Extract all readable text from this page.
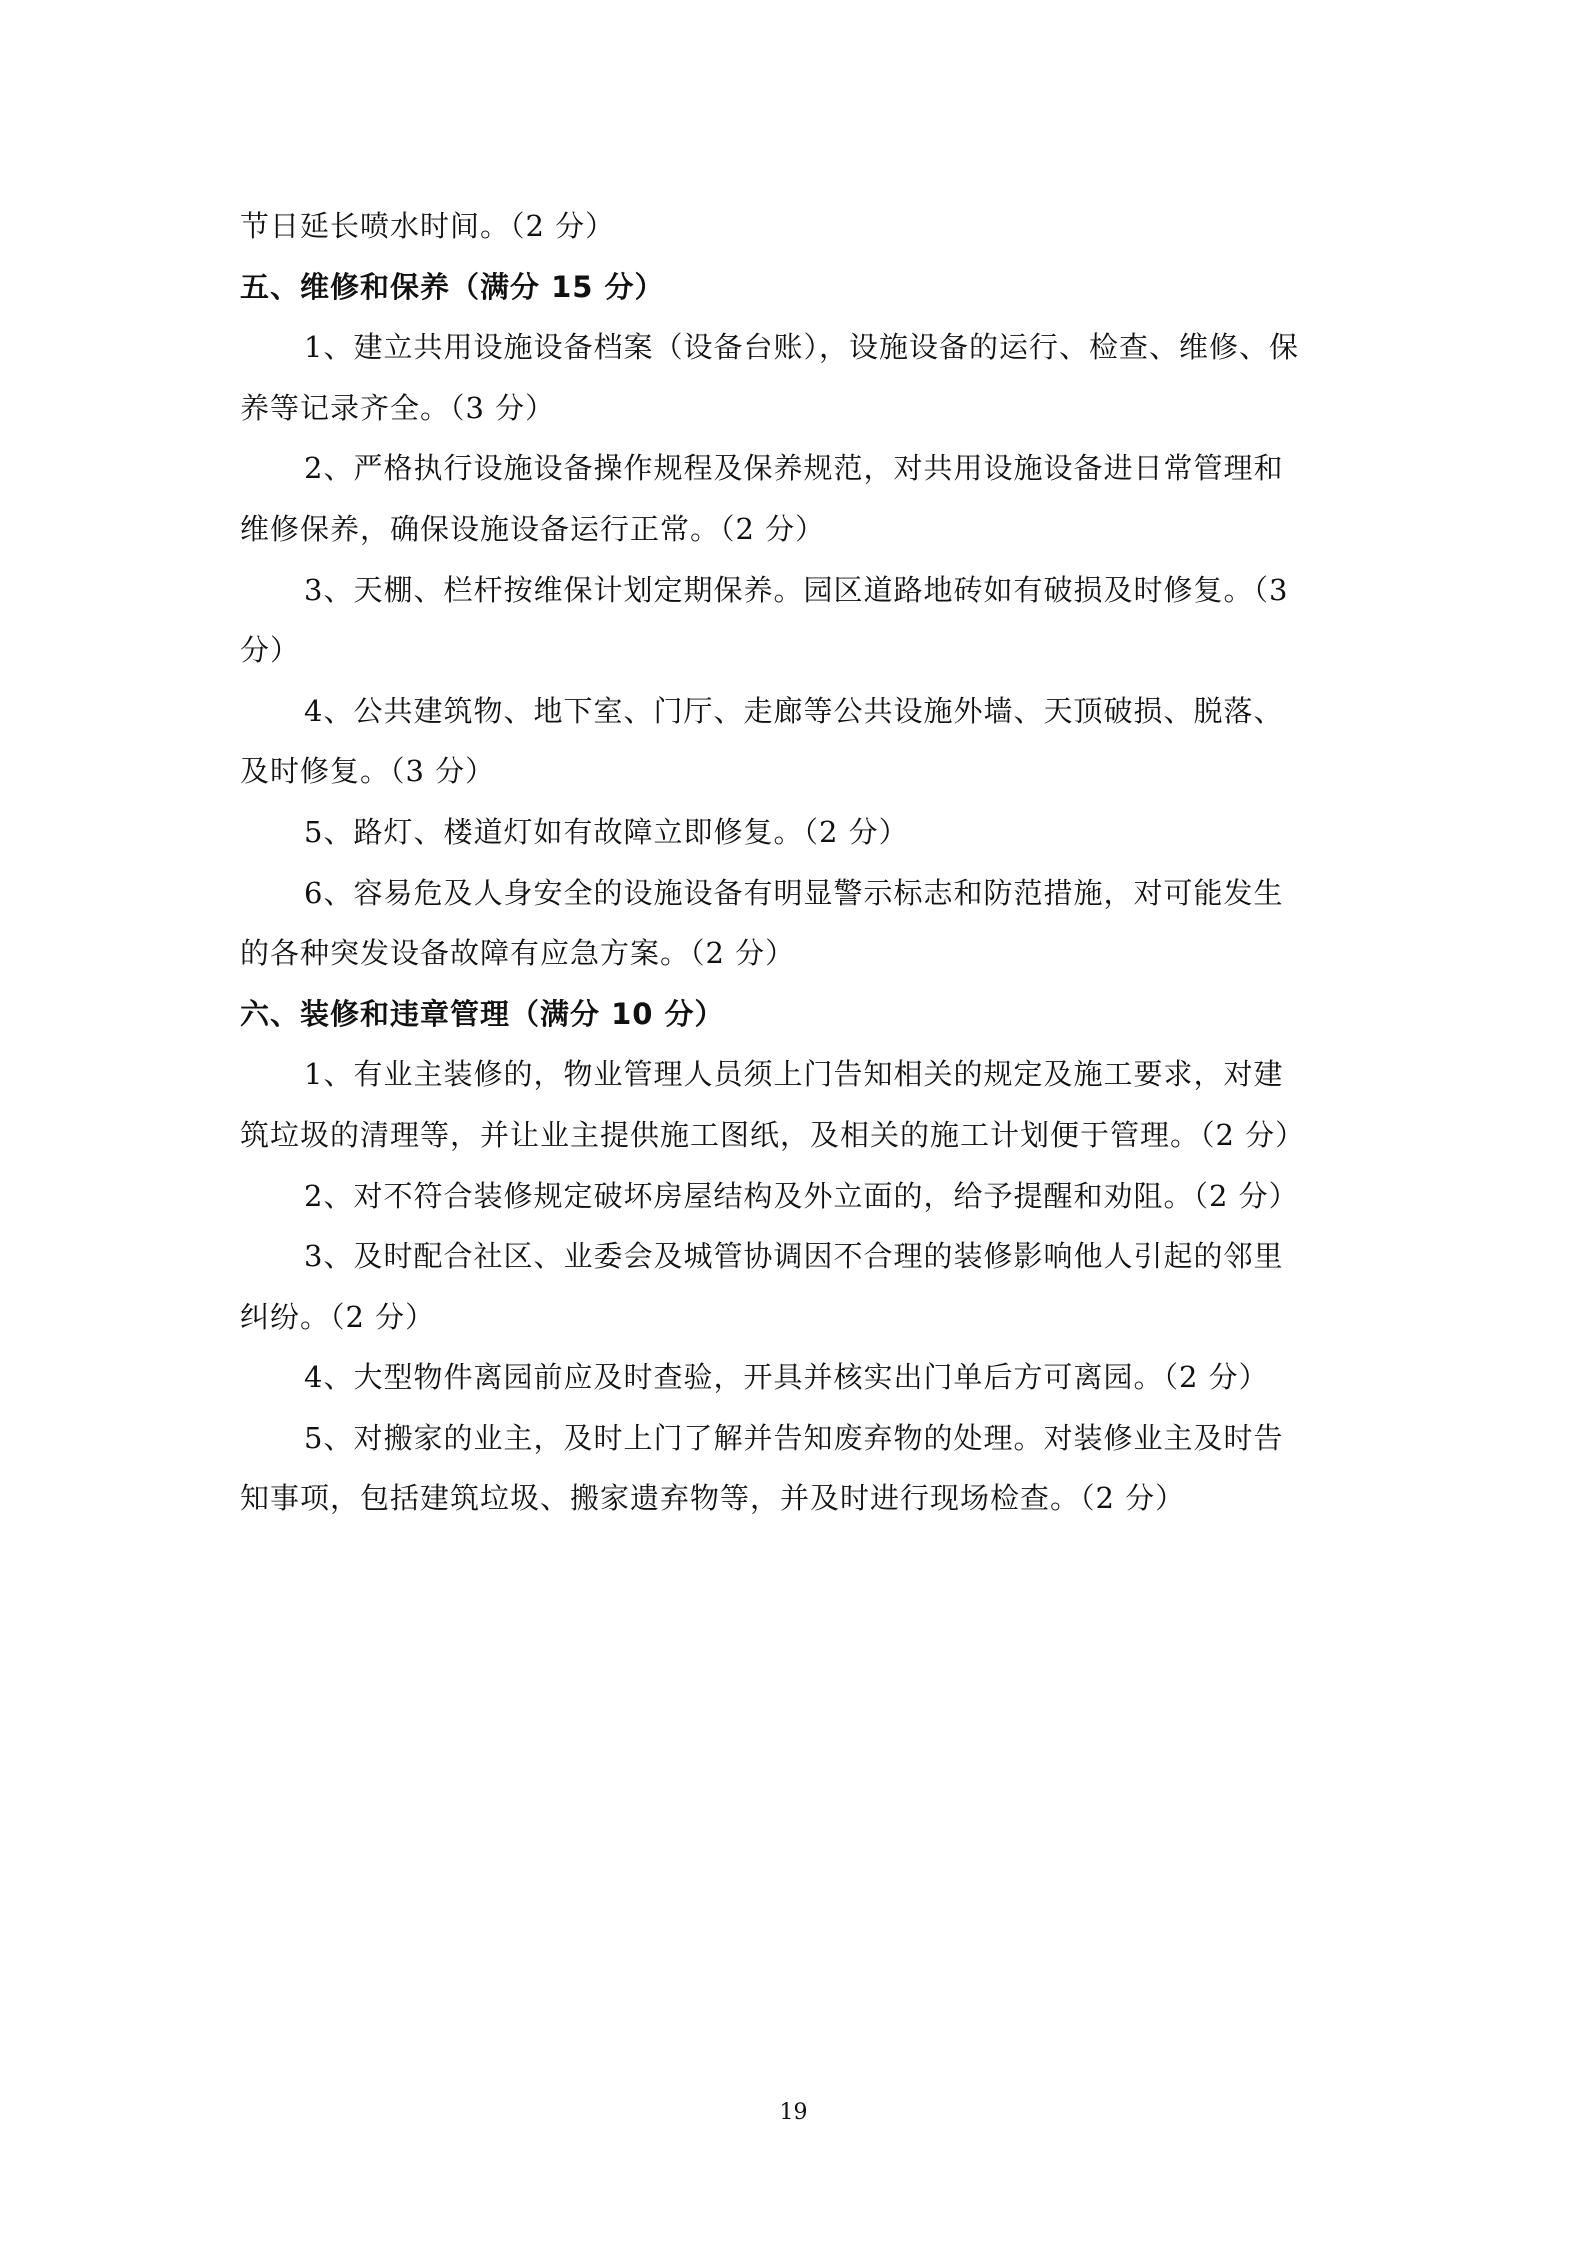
节日延长喷水时间。（2 分）
五、维修和保养（满分 15 分）
1、建立共用设施设备档案（设备台账），设施设备的运行、检查、维修、保
养等记录齐全。（3 分）
2、严格执行设施设备操作规程及保养规范，对共用设施设备进日常管理和
维修保养，确保设施设备运行正常。（2 分）
3、天棚、栏杆按维保计划定期保养。园区道路地砖如有破损及时修复。（3
分）
4、公共建筑物、地下室、门厅、走廊等公共设施外墙、天顶破损、脱落、
及时修复。（3 分）
5、路灯、楼道灯如有故障立即修复。（2 分）
6、容易危及人身安全的设施设备有明显警示标志和防范措施，对可能发生
的各种突发设备故障有应急方案。（2 分）
六、装修和违章管理（满分 10 分）
1、有业主装修的，物业管理人员须上门告知相关的规定及施工要求，对建
筑垃圾的清理等，并让业主提供施工图纸，及相关的施工计划便于管理。（2 分）
2、对不符合装修规定破坏房屋结构及外立面的，给予提醒和劝阻。（2 分）
3、及时配合社区、业委会及城管协调因不合理的装修影响他人引起的邻里
纠纷。（2 分）
4、大型物件离园前应及时查验，开具并核实出门单后方可离园。（2 分）
5、对搬家的业主，及时上门了解并告知废弃物的处理。对装修业主及时告
知事项，包括建筑垃圾、搬家遗弃物等，并及时进行现场检查。（2 分）
19
